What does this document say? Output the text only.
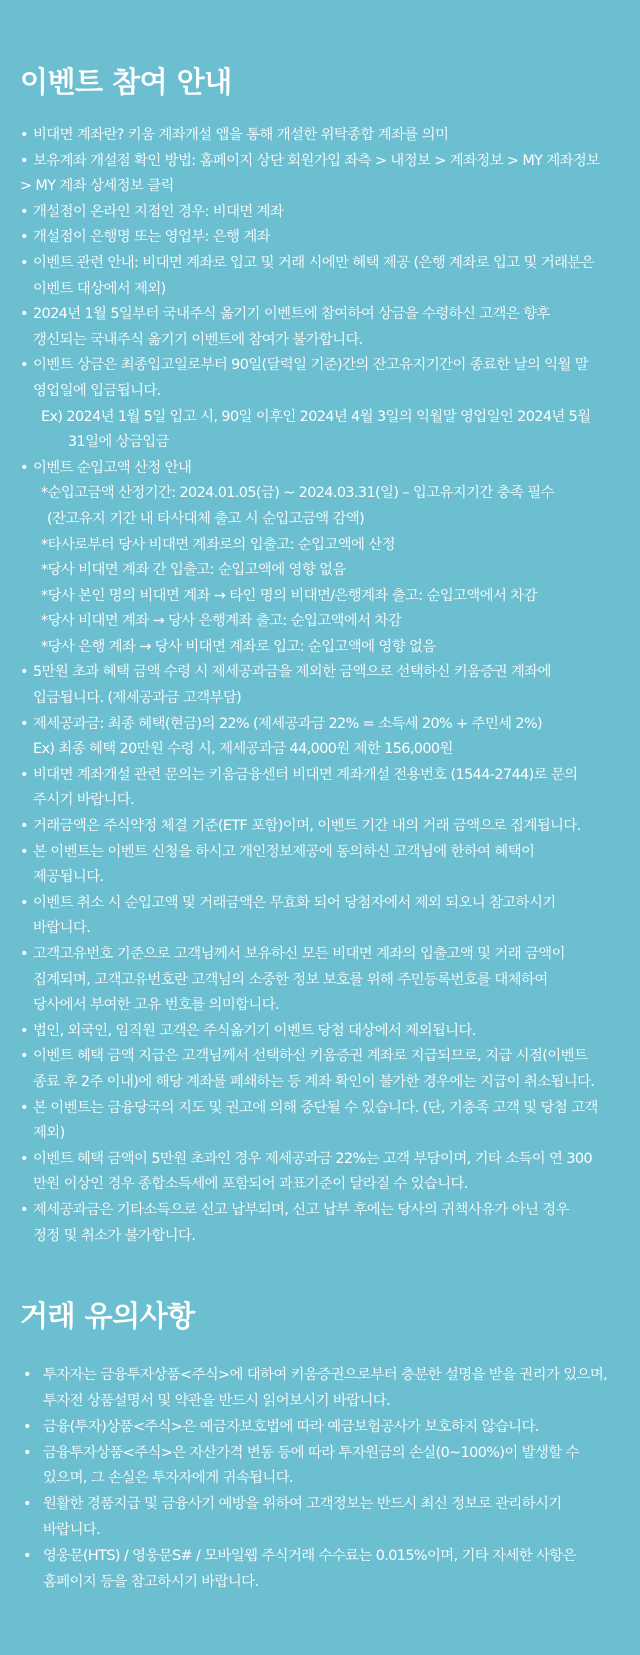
이벤트 참여 안내
• 비대면 계좌란? 키움 계좌개설 앱을 통해 개설한 위탁종합 계좌를 의미
• 보유계좌 개설점 확인 방법: 홈페이지 상단 회원가입 좌측 > 내정보 > 계좌정보 > MY 계좌정보
> MY 계좌 상세정보 클릭
• 개설점이 온라인 지점인 경우: 비대면 계좌
• 개설점이 은행명 또는 영업부: 은행 계좌
• 이벤트 관련 안내: 비대면 계좌로 입고 및 거래 시에만 혜택 제공 (은행 계좌로 입고 및 거래분은
이벤트 대상에서 제외)
• 2024년 1월 5일부터 국내주식 옮기기 이벤트에 참여하여 상금을 수령하신 고객은 향후
갱신되는 국내주식 옮기기 이벤트에 참여가 불가합니다.
• 이벤트 상금은 최종입고일로부터 90일(달력일 기준)간의 잔고유지기간이 종료한 날의 익월 말
영업일에 입금됩니다.
Ex) 2024년 1월 5일 입고 시, 90일 이후인 2024년 4월 3일의 익월말 영업일인 2024년 5월
31일에 상금입금
• 이벤트 순입고액 산정 안내
*순입고금액 산정기간: 2024.01.05(금) ~ 2024.03.31(일) – 입고유지기간 충족 필수
(잔고유지 기간 내 타사대체 출고 시 순입고금액 감액)
*타사로부터 당사 비대면 계좌로의 입출고: 순입고액에 산정
*당사 비대면 계좌 간 입출고: 순입고액에 영향 없음
*당사 본인 명의 비대면 계좌 → 타인 명의 비대면/은행계좌 출고: 순입고액에서 차감
*당사 비대면 계좌 → 당사 은행계좌 출고: 순입고액에서 차감
*당사 은행 계좌 → 당사 비대면 계좌로 입고: 순입고액에 영향 없음
• 5만원 초과 혜택 금액 수령 시 제세공과금을 제외한 금액으로 선택하신 키움증권 계좌에
입금됩니다. (제세공과금 고객부담)
• 제세공과금: 최종 혜택(현금)의 22% (제세공과금 22% = 소득세 20% + 주민세 2%)
Ex) 최종 혜택 20만원 수령 시, 제세공과금 44,000원 제한 156,000원
• 비대면 계좌개설 관련 문의는 키움금융센터 비대면 계좌개설 전용번호 (1544-2744)로 문의
주시기 바랍니다.
• 거래금액은 주식약정 체결 기준(ETF 포함)이며, 이벤트 기간 내의 거래 금액으로 집계됩니다.
• 본 이벤트는 이벤트 신청을 하시고 개인정보제공에 동의하신 고객님에 한하여 혜택이
제공됩니다.
• 이벤트 취소 시 순입고액 및 거래금액은 무효화 되어 당첨자에서 제외 되오니 참고하시기
바랍니다.
• 고객고유번호 기준으로 고객님께서 보유하신 모든 비대면 계좌의 입출고액 및 거래 금액이
집계되며, 고객고유번호란 고객님의 소중한 정보 보호를 위해 주민등록번호를 대체하여
당사에서 부여한 고유 번호를 의미합니다.
• 법인, 외국인, 임직원 고객은 주식옮기기 이벤트 당첨 대상에서 제외됩니다.
• 이벤트 혜택 금액 지급은 고객님께서 선택하신 키움증권 계좌로 지급되므로, 지급 시점(이벤트
종료 후 2주 이내)에 해당 계좌를 폐쇄하는 등 계좌 확인이 불가한 경우에는 지급이 취소됩니다.
• 본 이벤트는 금융당국의 지도 및 권고에 의해 중단될 수 있습니다. (단, 기충족 고객 및 당첨 고객
제외)
• 이벤트 혜택 금액이 5만원 초과인 경우 제세공과금 22%는 고객 부담이며, 기타 소득이 연 300
만원 이상인 경우 종합소득세에 포함되어 과표기준이 달라질 수 있습니다.
• 제세공과금은 기타소득으로 신고 납부되며, 신고 납부 후에는 당사의 귀책사유가 아닌 경우
정정 및 취소가 불가합니다.
거래 유의사항
• 투자자는 금융투자상품<주식>에 대하여 키움증권으로부터 충분한 설명을 받을 권리가 있으며,
투자전 상품설명서 및 약관을 반드시 읽어보시기 바랍니다.
• 금융(투자)상품<주식>은 예금자보호법에 따라 예금보험공사가 보호하지 않습니다.
• 금융투자상품<주식>은 자산가격 변동 등에 따라 투자원금의 손실(0~100%)이 발생할 수
있으며, 그 손실은 투자자에게 귀속됩니다.
• 원활한 경품지급 및 금융사기 예방을 위하여 고객정보는 반드시 최신 정보로 관리하시기
바랍니다.
• 영웅문(HTS) / 영웅문S# / 모바일웹 주식거래 수수료는 0.015%이며, 기타 자세한 사항은
홈페이지 등을 참고하시기 바랍니다.
